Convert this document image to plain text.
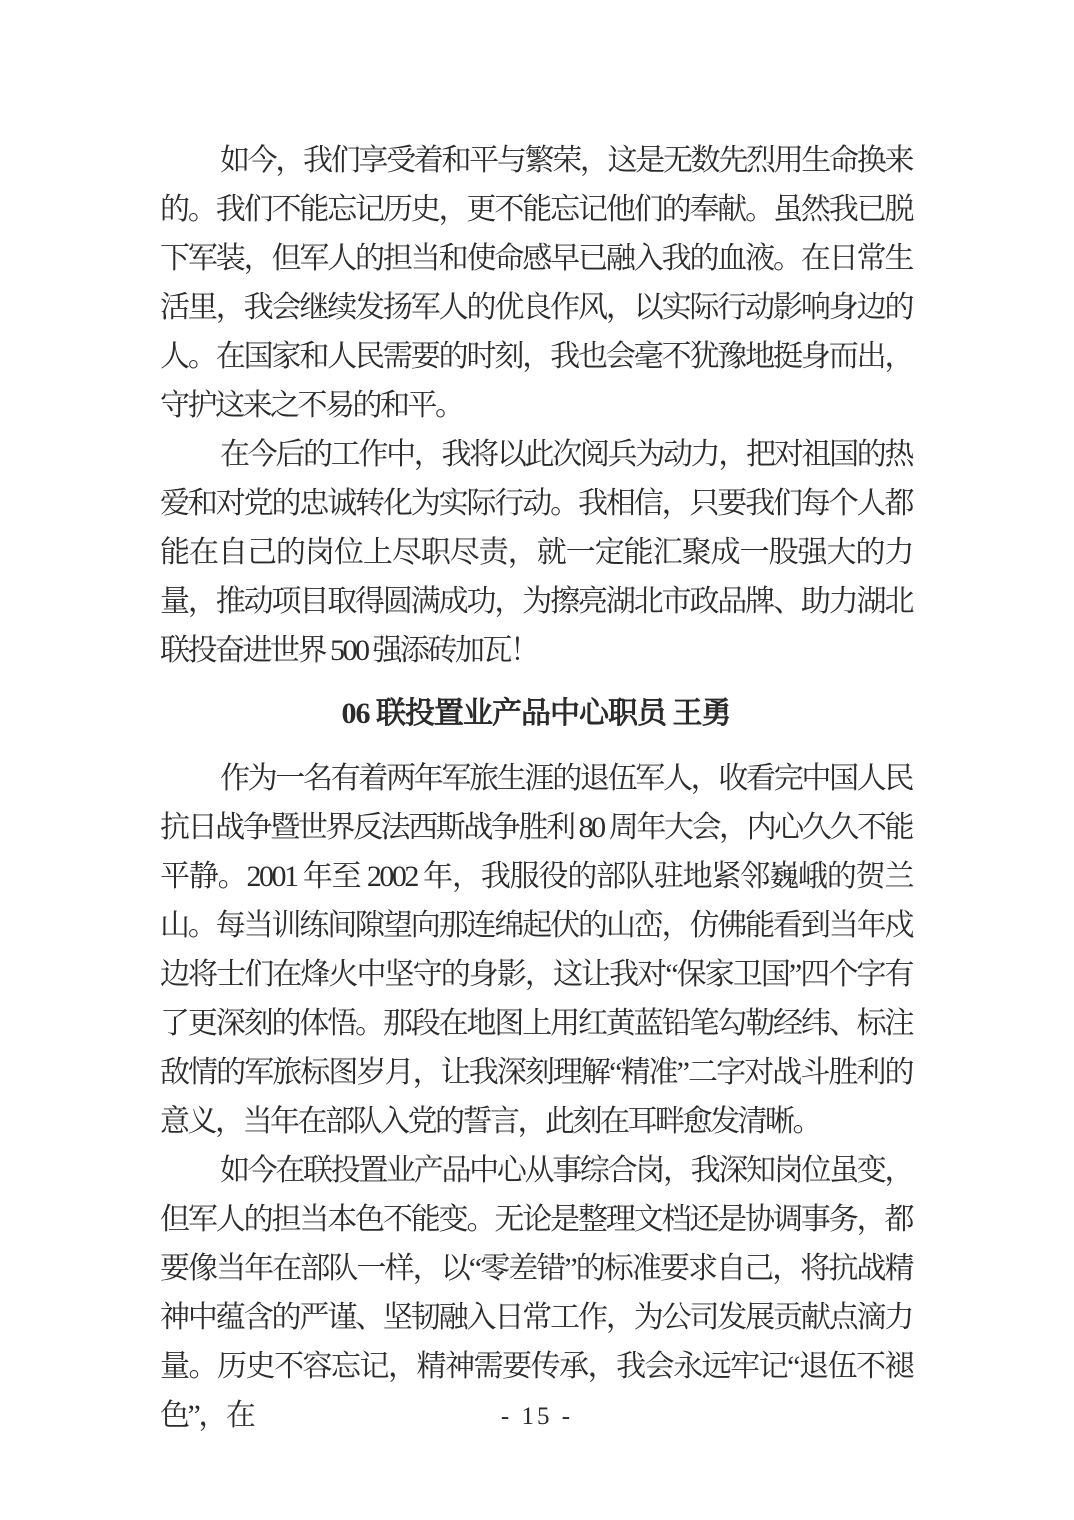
如今，我们享受着和平与繁荣，这是无数先烈用生命换来的。我们不能忘记历史，更不能忘记他们的奉献。虽然我已脱下军装，但军人的担当和使命感早已融入我的血液。在日常生活里，我会继续发扬军人的优良作风，以实际行动影响身边的人。在国家和人民需要的时刻，我也会毫不犹豫地挺身而出，守护这来之不易的和平。

在今后的工作中，我将以此次阅兵为动力，把对祖国的热爱和对党的忠诚转化为实际行动。我相信，只要我们每个人都能在自己的岗位上尽职尽责，就一定能汇聚成一股强大的力量，推动项目取得圆满成功，为擦亮湖北市政品牌、助力湖北联投奋进世界 500 强添砖加瓦！

06 联投置业产品中心职员 王勇

作为一名有着两年军旅生涯的退伍军人，收看完中国人民抗日战争暨世界反法西斯战争胜利 80 周年大会，内心久久不能平静。2001 年至 2002 年，我服役的部队驻地紧邻巍峨的贺兰山。每当训练间隙望向那连绵起伏的山峦，仿佛能看到当年戍边将士们在烽火中坚守的身影，这让我对“保家卫国”四个字有了更深刻的体悟。那段在地图上用红黄蓝铅笔勾勒经纬、标注敌情的军旅标图岁月，让我深刻理解“精准”二字对战斗胜利的意义，当年在部队入党的誓言，此刻在耳畔愈发清晰。

如今在联投置业产品中心从事综合岗，我深知岗位虽变，但军人的担当本色不能变。无论是整理文档还是协调事务，都要像当年在部队一样，以“零差错”的标准要求自己，将抗战精神中蕴含的严谨、坚韧融入日常工作，为公司发展贡献点滴力量。历史不容忘记，精神需要传承，我会永远牢记“退伍不褪色”，在	- 15 -
